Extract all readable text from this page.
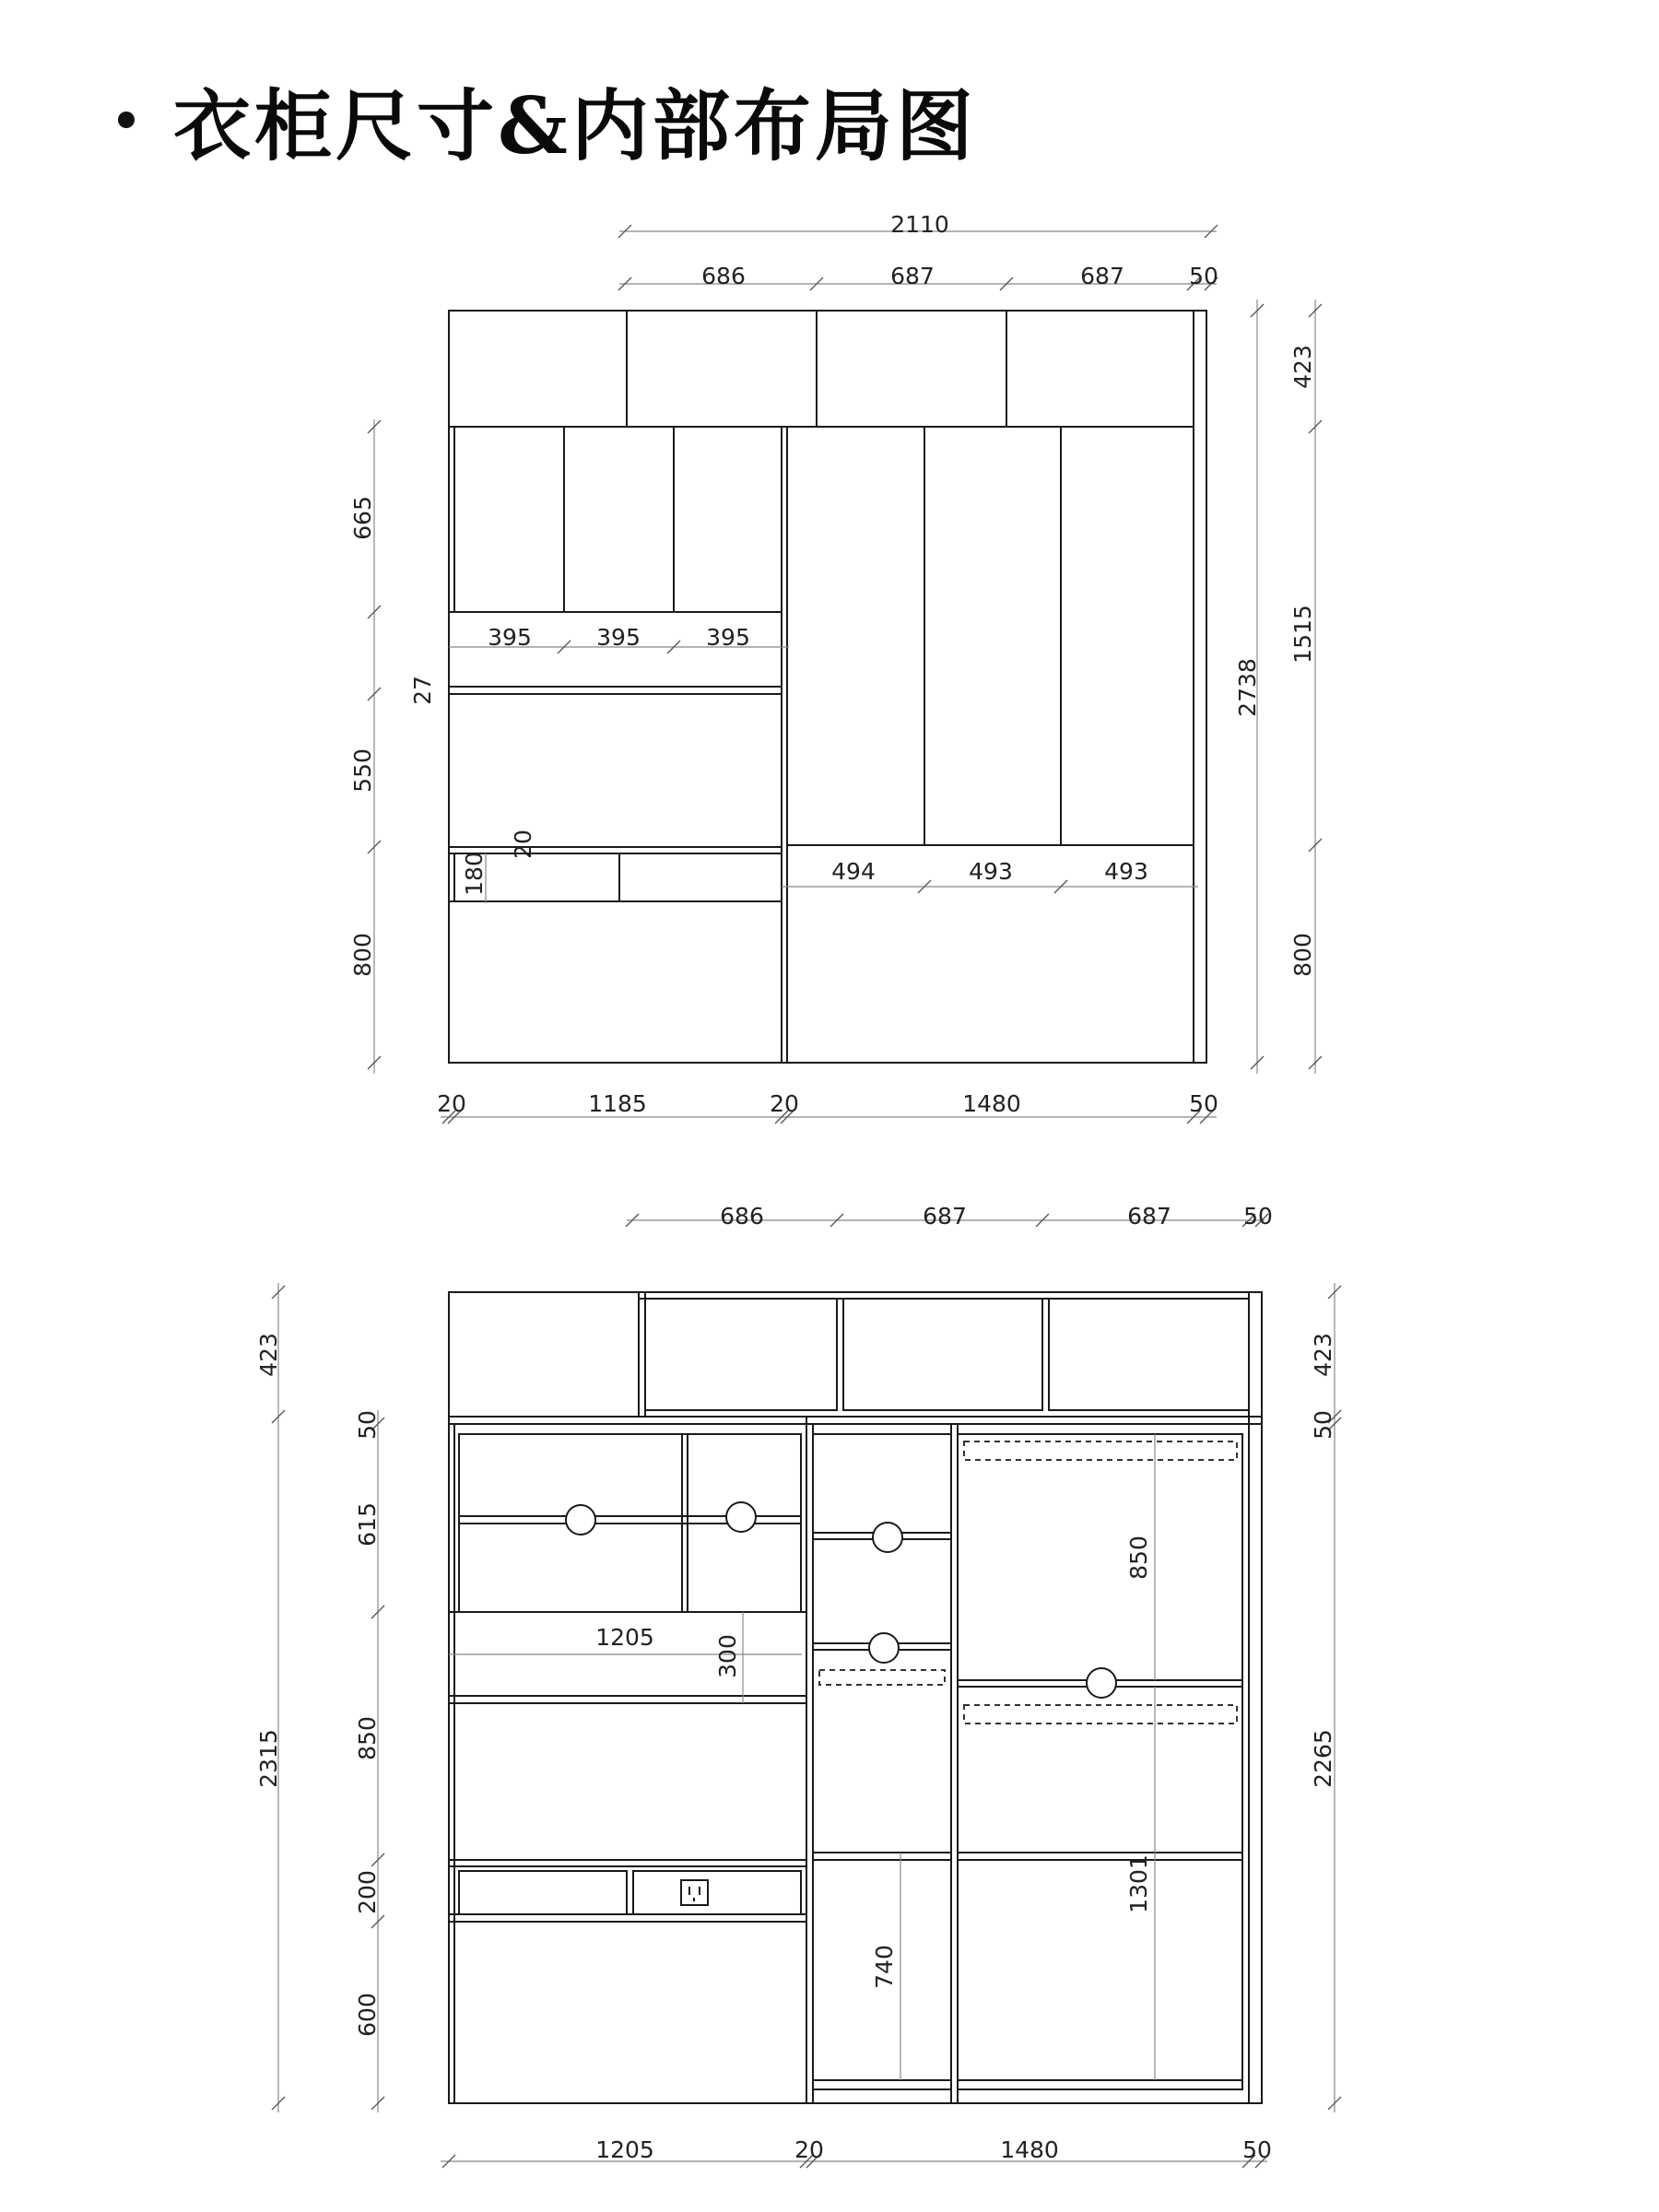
衣柜尺寸&内部布局图
2110
686	687	687	50
665
27
550
800
395	395	395
20
180	494	493	493
2738
423
1515
800
20	1185	20	1480	50
686	687	687	50
423
2315
50
615
850
200
600
1205	300
850
1301
740
423
50
2265
1205	20	1480	50
